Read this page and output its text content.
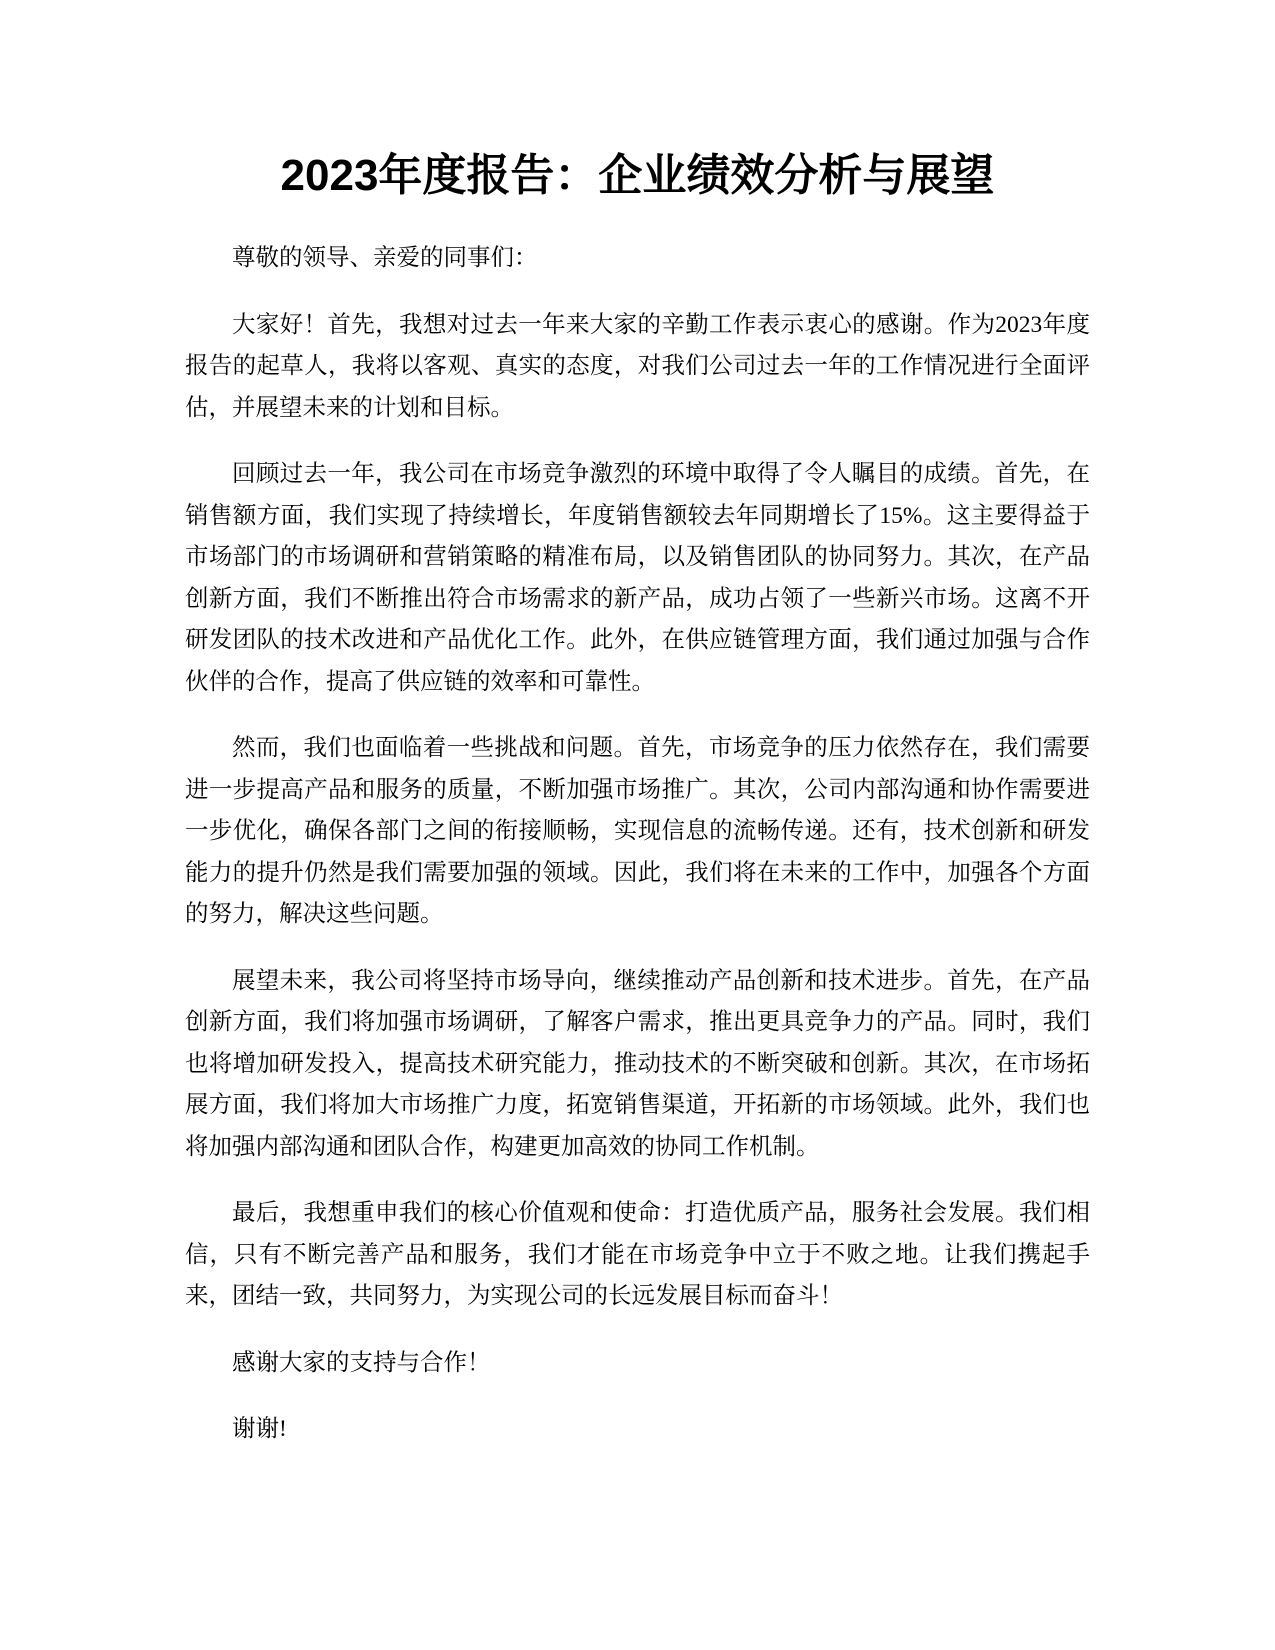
2023年度报告：企业绩效分析与展望

尊敬的领导、亲爱的同事们：

大家好！首先，我想对过去一年来大家的辛勤工作表示衷心的感谢。作为2023年度报告的起草人，我将以客观、真实的态度，对我们公司过去一年的工作情况进行全面评估，并展望未来的计划和目标。

回顾过去一年，我公司在市场竞争激烈的环境中取得了令人瞩目的成绩。首先，在销售额方面，我们实现了持续增长，年度销售额较去年同期增长了15%。这主要得益于市场部门的市场调研和营销策略的精准布局，以及销售团队的协同努力。其次，在产品创新方面，我们不断推出符合市场需求的新产品，成功占领了一些新兴市场。这离不开研发团队的技术改进和产品优化工作。此外，在供应链管理方面，我们通过加强与合作伙伴的合作，提高了供应链的效率和可靠性。

然而，我们也面临着一些挑战和问题。首先，市场竞争的压力依然存在，我们需要进一步提高产品和服务的质量，不断加强市场推广。其次，公司内部沟通和协作需要进一步优化，确保各部门之间的衔接顺畅，实现信息的流畅传递。还有，技术创新和研发能力的提升仍然是我们需要加强的领域。因此，我们将在未来的工作中，加强各个方面的努力，解决这些问题。

展望未来，我公司将坚持市场导向，继续推动产品创新和技术进步。首先，在产品创新方面，我们将加强市场调研，了解客户需求，推出更具竞争力的产品。同时，我们也将增加研发投入，提高技术研究能力，推动技术的不断突破和创新。其次，在市场拓展方面，我们将加大市场推广力度，拓宽销售渠道，开拓新的市场领域。此外，我们也将加强内部沟通和团队合作，构建更加高效的协同工作机制。

最后，我想重申我们的核心价值观和使命：打造优质产品，服务社会发展。我们相信，只有不断完善产品和服务，我们才能在市场竞争中立于不败之地。让我们携起手来，团结一致，共同努力，为实现公司的长远发展目标而奋斗！

感谢大家的支持与合作！

谢谢!
